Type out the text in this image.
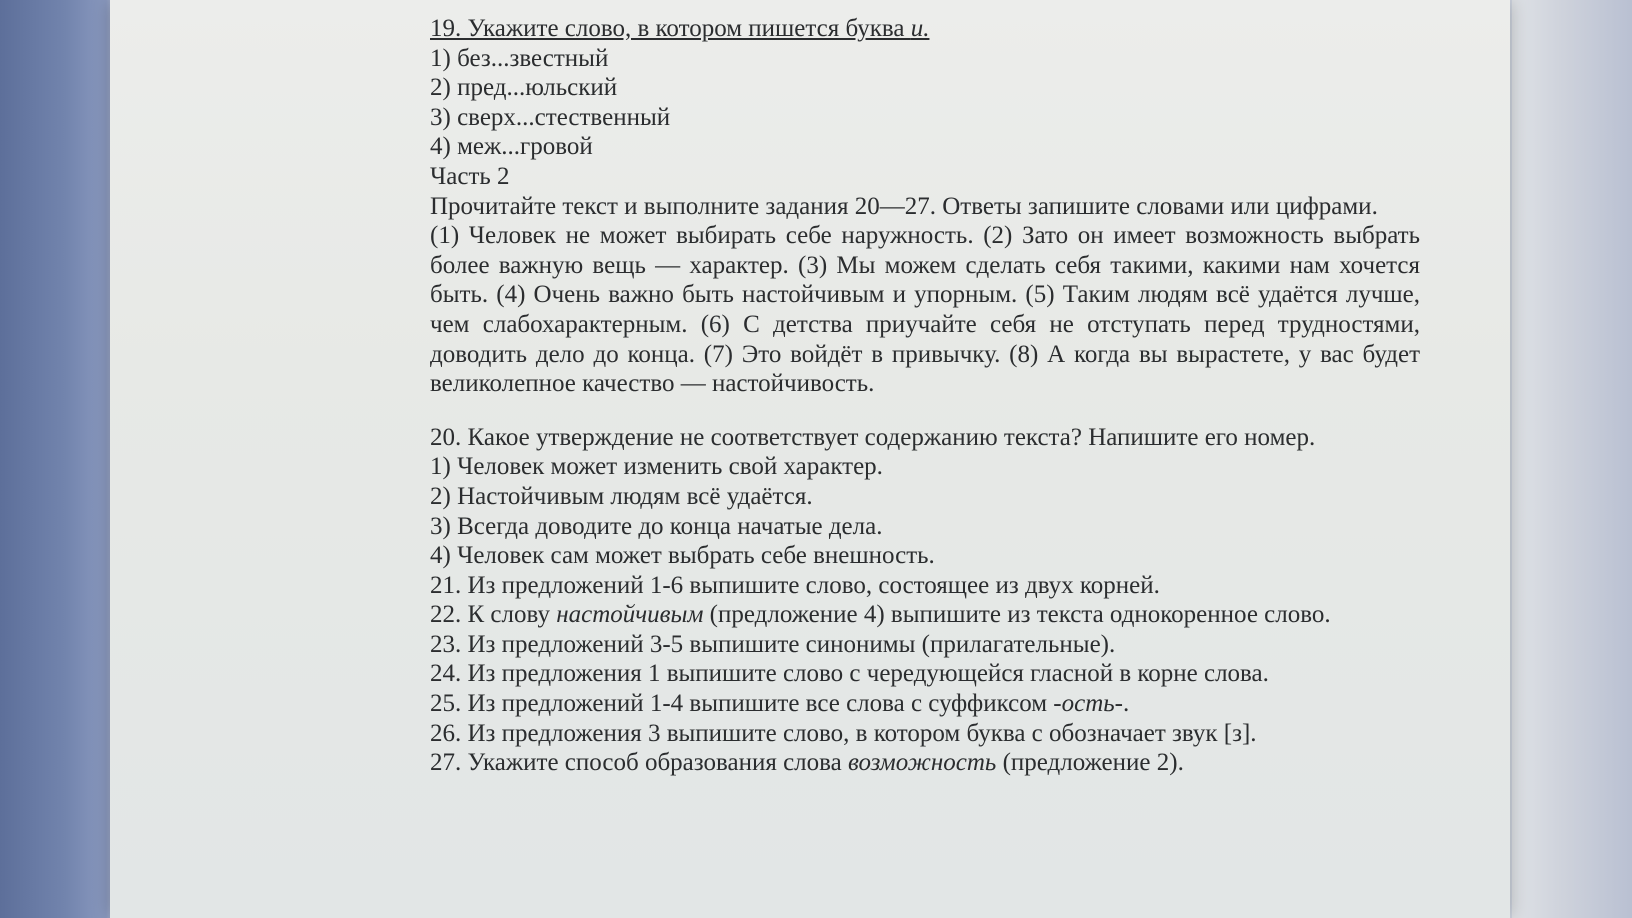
19. Укажите слово, в котором пишется буква и.
1) без...звестный
2) пред...юльский
3) сверх...стественный
4) меж...гровой
Часть 2
Прочитайте текст и выполните задания 20—27. Ответы запишите словами или цифрами.
(1) Человек не может выбирать себе наружность. (2) Зато он имеет возможность выбрать более важную вещь — характер. (3) Мы можем сделать себя такими, какими нам хочется быть. (4) Очень важно быть настойчивым и упорным. (5) Таким людям всё удаётся лучше, чем слабохарактерным. (6) С детства приучайте себя не отступать перед трудностями, доводить дело до конца. (7) Это войдёт в привычку. (8) А когда вы вырастете, у вас будет великолепное качество — настойчивость.
20. Какое утверждение не соответствует содержанию текста? Напишите его номер.
1) Человек может изменить свой характер.
2) Настойчивым людям всё удаётся.
3) Всегда доводите до конца начатые дела.
4) Человек сам может выбрать себе внешность.
21. Из предложений 1-6 выпишите слово, состоящее из двух корней.
22. К слову настойчивым (предложение 4) выпишите из текста однокоренное слово.
23. Из предложений 3-5 выпишите синонимы (прилагательные).
24. Из предложения 1 выпишите слово с чередующейся гласной в корне слова.
25. Из предложений 1-4 выпишите все слова с суффиксом -ость-.
26. Из предложения 3 выпишите слово, в котором буква с обозначает звук [з].
27. Укажите способ образования слова возможность (предложение 2).
